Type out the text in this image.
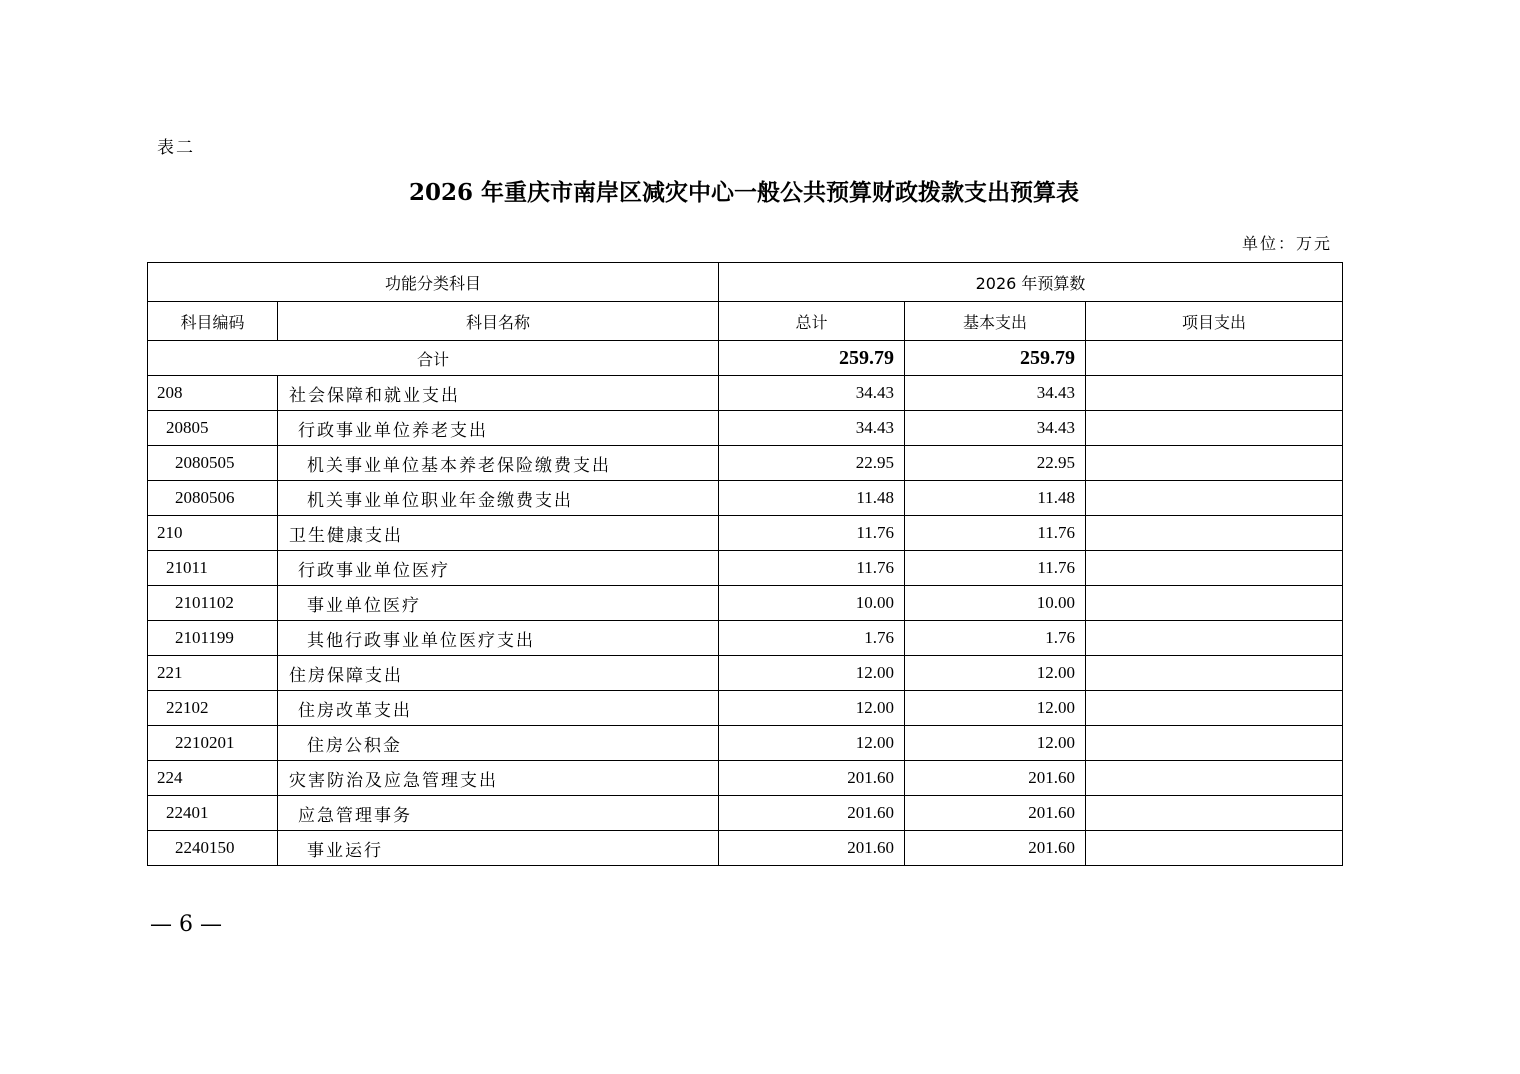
表二
2026 年重庆市南岸区减灾中心一般公共预算财政拨款支出预算表
单位：万元
功能分类科目		2026 年预算数		
科目编码	科目名称	总计	基本支出	项目支出
合计		259.79	259.79	
208	社会保障和就业支出	34.43	34.43	
20805	行政事业单位养老支出	34.43	34.43	
2080505	机关事业单位基本养老保险缴费支出	22.95	22.95	
2080506	机关事业单位职业年金缴费支出	11.48	11.48	
210	卫生健康支出	11.76	11.76	
21011	行政事业单位医疗	11.76	11.76	
2101102	事业单位医疗	10.00	10.00	
2101199	其他行政事业单位医疗支出	1.76	1.76	
221	住房保障支出	12.00	12.00	
22102	住房改革支出	12.00	12.00	
2210201	住房公积金	12.00	12.00	
224	灾害防治及应急管理支出	201.60	201.60	
22401	应急管理事务	201.60	201.60	
2240150	事业运行	201.60	201.60	
— 6 —
